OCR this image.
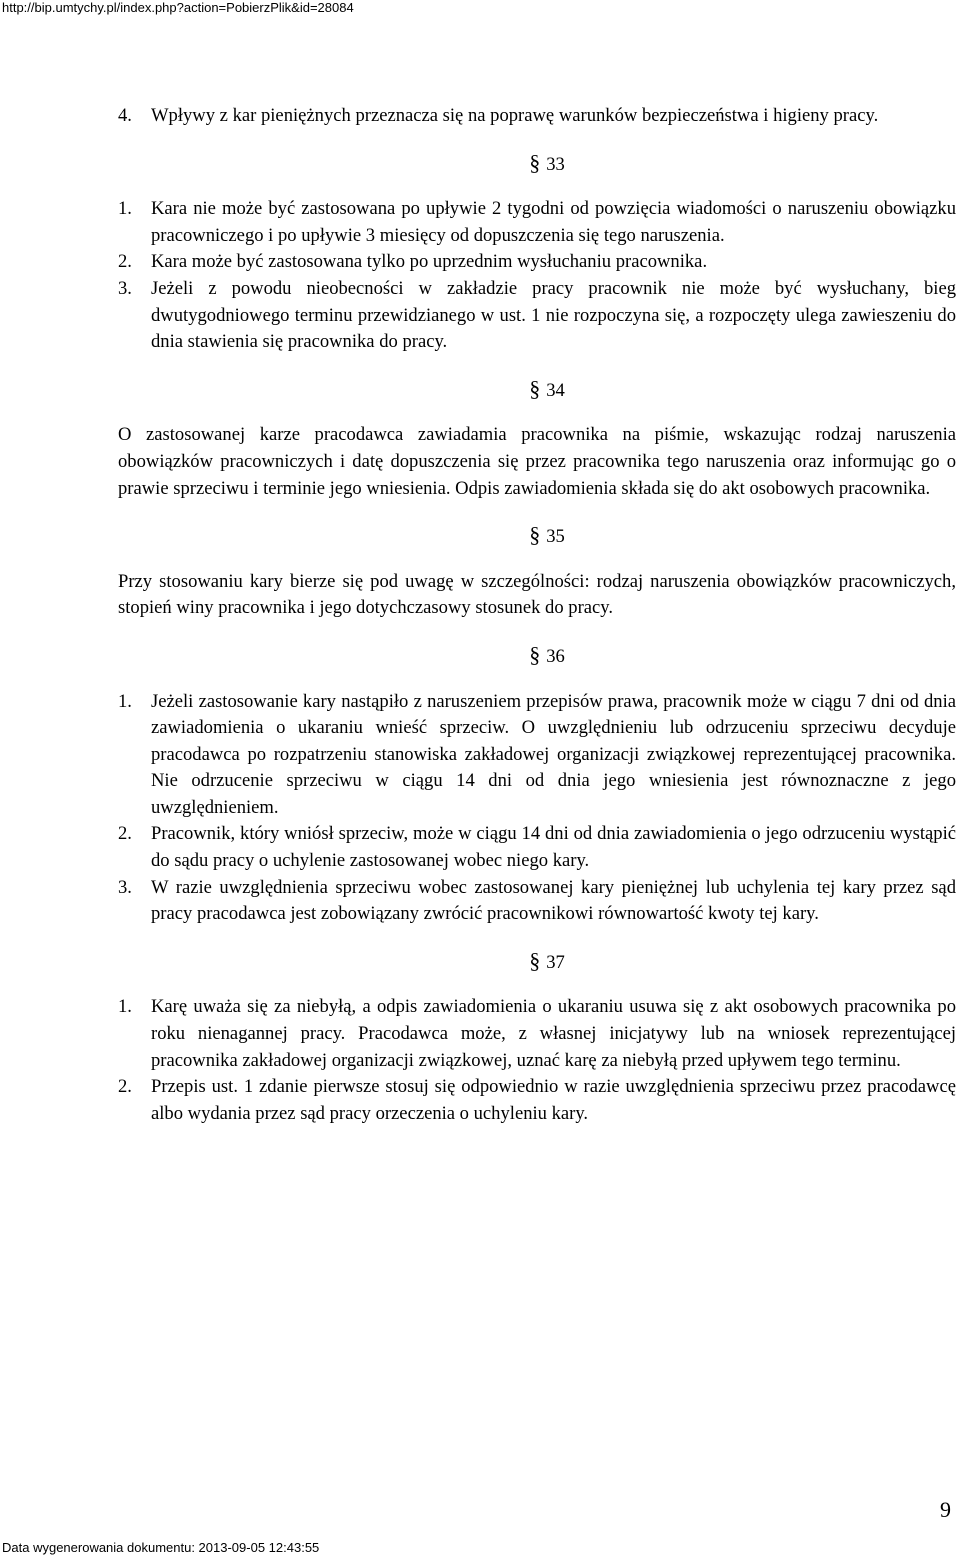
http://bip.umtychy.pl/index.php?action=PobierzPlik&id=28084
4.	Wpływy z kar pieniężnych przeznacza się na poprawę warunków bezpieczeństwa i higieny pracy.
§ 33
1.	Kara nie może być zastosowana po upływie 2 tygodni od powzięcia wiadomości o naruszeniu obowiązku pracowniczego i po upływie 3 miesięcy od dopuszczenia się tego naruszenia.
2.	Kara może być zastosowana tylko po uprzednim wysłuchaniu pracownika.
3.	Jeżeli z powodu nieobecności w zakładzie pracy pracownik nie może być wysłuchany, bieg dwutygodniowego terminu przewidzianego w ust. 1 nie rozpoczyna się, a rozpoczęty ulega zawieszeniu do dnia stawienia się pracownika do pracy.
§ 34
O zastosowanej karze pracodawca zawiadamia pracownika na piśmie, wskazując rodzaj naruszenia obowiązków pracowniczych i datę dopuszczenia się przez pracownika tego naruszenia oraz informując go o prawie sprzeciwu i terminie jego wniesienia. Odpis zawiadomienia składa się do akt osobowych pracownika.
§ 35
Przy stosowaniu kary bierze się pod uwagę w szczególności: rodzaj naruszenia obowiązków pracowniczych, stopień winy pracownika i jego dotychczasowy stosunek do pracy.
§ 36
1.	Jeżeli zastosowanie kary nastąpiło z naruszeniem przepisów prawa, pracownik może w ciągu 7 dni od dnia zawiadomienia o ukaraniu wnieść sprzeciw. O uwzględnieniu lub odrzuceniu sprzeciwu decyduje pracodawca po rozpatrzeniu stanowiska zakładowej organizacji związkowej reprezentującej pracownika. Nie odrzucenie sprzeciwu w ciągu 14 dni od dnia jego wniesienia jest równoznaczne z jego uwzględnieniem.
2.	Pracownik, który wniósł sprzeciw, może w ciągu 14 dni od dnia zawiadomienia o jego odrzuceniu wystąpić do sądu pracy o uchylenie zastosowanej wobec niego kary.
3.	W razie uwzględnienia sprzeciwu wobec zastosowanej kary pieniężnej lub uchylenia tej kary przez sąd pracy pracodawca jest zobowiązany zwrócić pracownikowi równowartość kwoty tej kary.
§ 37
1.	Karę uważa się za niebyłą, a odpis zawiadomienia o ukaraniu usuwa się z akt osobowych pracownika po roku nienagannej pracy. Pracodawca może, z własnej inicjatywy lub na wniosek reprezentującej pracownika zakładowej organizacji związkowej, uznać karę za niebyłą przed upływem tego terminu.
2.	Przepis ust. 1 zdanie pierwsze stosuj się odpowiednio w razie uwzględnienia sprzeciwu przez pracodawcę albo wydania przez sąd pracy orzeczenia o uchyleniu kary.
9
Data wygenerowania dokumentu: 2013-09-05 12:43:55
